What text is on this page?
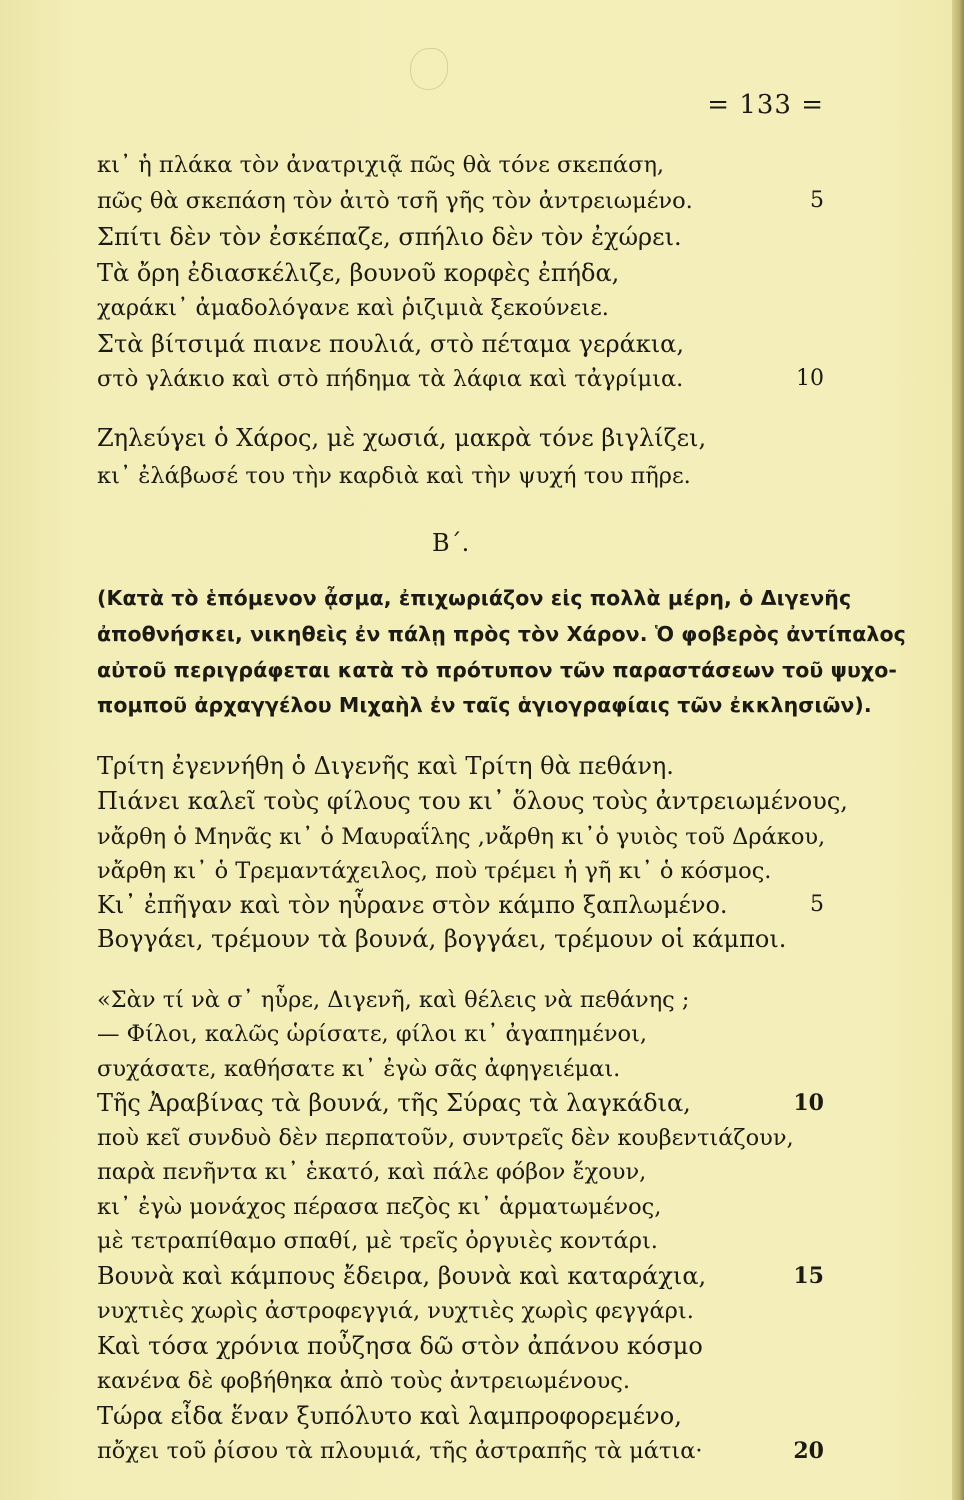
= 133 =
κι᾽ ἡ πλάκα τὸν ἀνατριχιᾷ πῶς θὰ τόνε σκεπάση,
πῶς θὰ σκεπάση τὸν ἀιτὸ τσῆ γῆς τὸν ἀντρειωμένο.	5
Σπίτι δὲν τὸν ἐσκέπαζε, σπήλιο δὲν τὸν ἐχώρει.
Τὰ ὄρη ἐδιασκέλιζε, βουνοῦ κορφὲς ἐπήδα,
χαράκι᾽ ἀμαδολόγανε καὶ ῥιζιμιὰ ξεκούνειε.
Στὰ βίτσιμά πιανε πουλιά, στὸ πέταμα γεράκια,
στὸ γλάκιο καὶ στὸ πήδημα τὰ λάφια καὶ τἀγρίμια.	10
Ζηλεύγει ὁ Χάρος, μὲ χωσιά, μακρὰ τόνε βιγλίζει,
κι᾽ ἐλάβωσέ του τὴν καρδιὰ καὶ τὴν ψυχή του πῆρε.
Β΄.
(Κατὰ τὸ ἑπόμενον ᾆσμα, ἐπιχωριάζον εἰς πολλὰ μέρη, ὁ Διγενῆς
ἀποθνήσκει, νικηθεὶς ἐν πάλῃ πρὸς τὸν Χάρον. Ὁ φοβερὸς ἀντίπαλος
αὐτοῦ περιγράφεται κατὰ τὸ πρότυπον τῶν παραστάσεων τοῦ ψυχο-
πομποῦ ἀρχαγγέλου Μιχαὴλ ἐν ταῖς ἁγιογραφίαις τῶν ἐκκλησιῶν).
Τρίτη ἐγεννήθη ὁ Διγενῆς καὶ Τρίτη θὰ πεθάνη.
Πιάνει καλεῖ τοὺς φίλους του κι᾽ ὅλους τοὺς ἀντρειωμένους,
νἄρθη ὁ Μηνᾶς κι᾽ ὁ Μαυραΐλης ,νἄρθη κι᾽ὁ γυιὸς τοῦ Δράκου,
νἄρθη κι᾽ ὁ Τρεμαντάχειλος, ποὺ τρέμει ἡ γῆ κι᾽ ὁ κόσμος.
Κι᾽ ἐπῆγαν καὶ τὸν ηὗρανε στὸν κάμπο ξαπλωμένο.	5
Βογγάει, τρέμουν τὰ βουνά, βογγάει, τρέμουν οἱ κάμποι.
«Σὰν τί νὰ σ᾽ ηὗρε, Διγενῆ, καὶ θέλεις νὰ πεθάνης ;
— Φίλοι, καλῶς ὡρίσατε, φίλοι κι᾽ ἀγαπημένοι,
συχάσατε, καθήσατε κι᾽ ἐγὼ σᾶς ἀφηγειέμαι.
Τῆς Ἀραβίνας τὰ βουνά, τῆς Σύρας τὰ λαγκάδια,	10
ποὺ κεῖ συνδυὸ δὲν περπατοῦν, συντρεῖς δὲν κουβεντιάζουν,
παρὰ πενῆντα κι᾽ ἑκατό, καὶ πάλε φόβον ἔχουν,
κι᾽ ἐγὼ μονάχος πέρασα πεζὸς κι᾽ ἁρματωμένος,
μὲ τετραπίθαμο σπαθί, μὲ τρεῖς ὀργυιὲς κοντάρι.
Βουνὰ καὶ κάμπους ἔδειρα, βουνὰ καὶ καταράχια,	15
νυχτιὲς χωρὶς ἀστροφεγγιά, νυχτιὲς χωρὶς φεγγάρι.
Καὶ τόσα χρόνια ποὖζησα δῶ στὸν ἀπάνου κόσμο
κανένα δὲ φοβήθηκα ἀπὸ τοὺς ἀντρειωμένους.
Τώρα εἶδα ἕναν ξυπόλυτο καὶ λαμπροφορεμένο,
πὄχει τοῦ ῥίσου τὰ πλουμιά, τῆς ἀστραπῆς τὰ μάτια·	20
